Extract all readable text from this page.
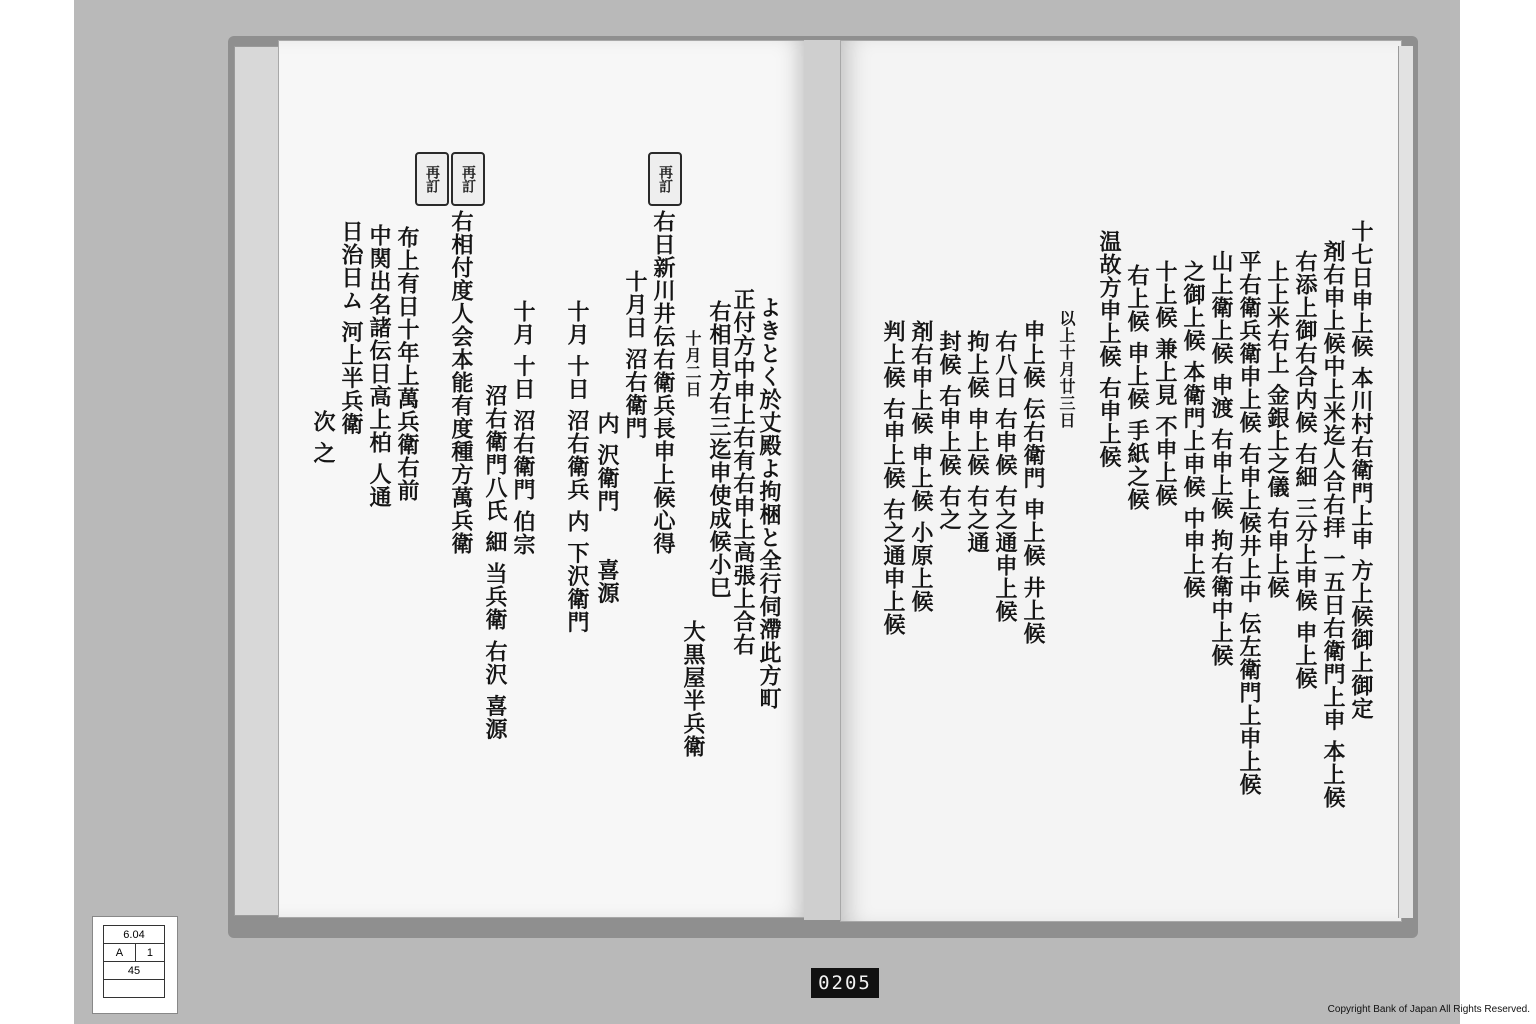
再訂	再訂	再訂
よきとく於丈殿よ拘梱と全行伺滯此方町
正付方中申上右有右申上高張上合右
右相目方右三迄申使成候小巳
十月二日
大黒屋半兵衛
右日新川井伝右衛兵長申上候心得
十月日 沼右衛門
内 沢衛門　　喜源
十月 十日 沼右衛兵 内 下沢衛門
十月 十日 沼右衛門 伯宗
沼右衛門八氏 細 当兵衛
右沢 喜源
右相付度人会本能有度種方萬兵衛
布上有日十年上萬兵衛右前
中関出名諸伝日高上柏 人通
日治日ム 河上半兵衛
次 之	十七日申上候 本川村右衛門上申 方上候御上御定
剤右申上候中上米迄人合右拝 一五日右衛門上申 本上候
右添上御右合内候 右細 三分上申候 申上候
上上米右上 金銀上之儀 右申上候
平右衛兵衛申上候 右申上候井上中 伝左衛門上申上候
山上衛上候 申渡 右申上候 拘右衛中上候
之御上候 本衛門上申候 中申上候
十上候 兼上見 不申上候
右上候 申上候 手紙之候
温故方申上候 右申上候
以上十月廿三日
申上候 伝右衛門 申上候 井上候
右八日 右申候 右之通申上候
拘上候 申上候 右之通
封候 右申上候 右之
剤右申上候 申上候 小原上候
判上候 右申上候 右之通申上候
6.04
A	1
45

0205
Copyright Bank of Japan All Rights Reserved.
